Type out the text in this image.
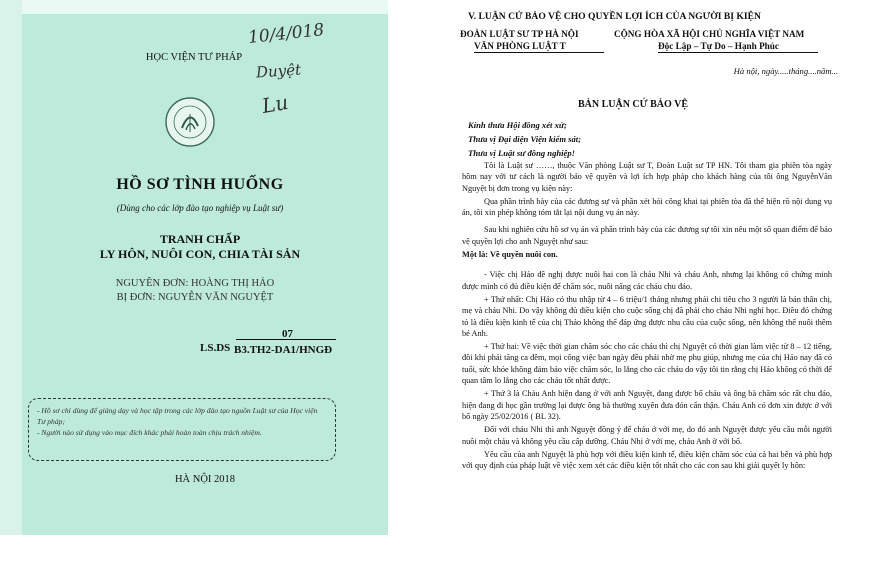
10/4/018
Duyệt
Lu
HỌC VIỆN TƯ PHÁP
HỒ SƠ TÌNH HUỐNG
(Dùng cho các lớp đào tạo nghiệp vụ Luật sư)
TRANH CHẤP
LY HÔN, NUÔI CON, CHIA TÀI SẢN
NGUYÊN ĐƠN: HOÀNG THỊ HẢO
BỊ ĐƠN: NGUYỄN VĂN NGUYỆT
LS.DS
07
B3.TH2-DA1/HNGĐ
- Hồ sơ chỉ dùng để giảng dạy và học tập trong các lớp đào tạo nguồn Luật sư của Học viện Tư pháp;
- Người nào sử dụng vào mục đích khác phải hoàn toàn chịu trách nhiệm.
HÀ NỘI 2018
V. LUẬN CỨ BẢO VỆ CHO QUYỀN LỢI ÍCH CỦA NGƯỜI BỊ KIỆN
ĐOÀN LUẬT SƯ TP HÀ NỘI
VĂN PHÒNG LUẬT T
CỘNG HÒA XÃ HỘI CHỦ NGHĨA VIỆT NAM
Độc Lập – Tự Do – Hạnh Phúc
Hà nội, ngày.....tháng....năm...
BẢN LUẬN CỨ BẢO VỆ
Kính thưa Hội đồng xét xử;
Thưa vị Đại diện Viện kiểm sát;
Thưa vị Luật sư đồng nghiệp!

Tôi là Luật sư ……, thuộc Văn phòng Luật sư T, Đoàn Luật sư TP HN. Tôi tham gia phiên tòa ngày hôm nay với tư cách là người bảo vệ quyền và lợi ích hợp pháp cho khách hàng của tôi ông NguyễnVăn Nguyệt bị đơn trong vụ kiện này:

Qua phần trình bày của các đương sự và phần xét hỏi công khai tại phiên tòa đã thể hiện rõ nội dung vụ án, tôi xin phép không tóm tắt lại nội dung vụ án này.

Sau khi nghiên cứu hồ sơ vụ án và phần trình bày của các đương sự tôi xin nêu một số quan điểm để bảo vệ quyền lợi cho anh Nguyệt như sau:

Một là: Về quyền nuôi con.

- Việc chị Hảo đề nghị được nuôi hai con là cháu Nhi và cháu Anh, nhưng lại không có chứng minh được mình có đủ điều kiện để chăm sóc, nuôi nấng các cháu chu đáo.

+ Thứ nhất: Chị Hảo có thu nhập từ 4 – 6 triệu/1 tháng nhưng phải chi tiêu cho 3 người là bản thân chị, mẹ và cháu Nhi. Do vậy không đủ điều kiện cho cuộc sống chị đã phải cho cháu Nhi nghỉ học. Điều đó chứng tỏ là điều kiện kinh tế của chị Thảo không thể đáp ứng được nhu cầu của cuộc sống, nên không thể nuôi thêm bé Anh.

+ Thứ hai: Về việc thời gian chăm sóc cho các cháu thì chị Nguyệt có thời gian làm việc từ 8 – 12 tiếng, đôi khi phải tăng ca đêm, mọi công việc ban ngày đều phải nhờ mẹ phụ giúp, nhưng mẹ của chị Hảo nay đã có tuổi, sức khỏe không đảm bảo việc chăm sóc, lo lắng cho các cháu do vậy tôi tin rằng chị Hảo không có thời để quan tâm lo lắng cho các cháu tốt nhất được.

+ Thứ 3 là Cháu Anh hiện đang ở với anh Nguyệt, đang được bố cháu và ông bà chăm sóc rất chu đáo, hiện đang đi học gần trường lại được ông bà thường xuyên đưa đón cẩn thận. Cháu Anh có đơn xin được ở với bố ngày 25/02/2016 ( BL 32).

Đối với cháu Nhi thì anh Nguyệt đồng ý để cháu ở với mẹ, do đó anh Nguyệt được yêu cầu mỗi người nuôi một cháu và không yêu cầu cấp dưỡng. Cháu Nhi ở với mẹ, cháu Anh ở với bố.

Yêu cầu của anh Nguyệt là phù hợp với điều kiện kinh tế, điều kiện chăm sóc của cả hai bên và phù hợp với quy định của pháp luật về việc xem xét các điều kiện tốt nhất cho các con sau khi giải quyết ly hôn:
